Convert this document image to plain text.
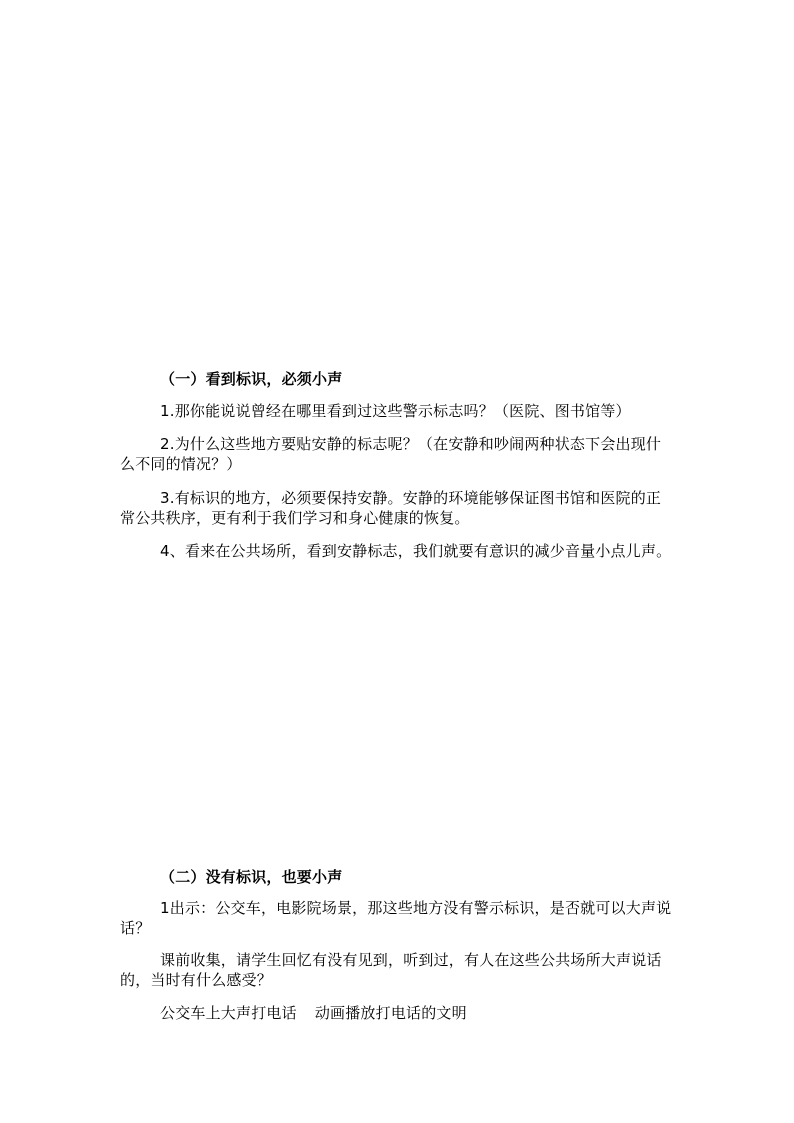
（一）看到标识，必须小声

1.那你能说说曾经在哪里看到过这些警示标志吗？（医院、图书馆等）

2.为什么这些地方要贴安静的标志呢？（在安静和吵闹两种状态下会出现什么不同的情况？）

3.有标识的地方，必须要保持安静。安静的环境能够保证图书馆和医院的正常公共秩序，更有利于我们学习和身心健康的恢复。

4、看来在公共场所，看到安静标志，我们就要有意识的减少音量小点儿声。

（二）没有标识，也要小声

1出示：公交车，电影院场景，那这些地方没有警示标识，是否就可以大声说话？

课前收集，请学生回忆有没有见到，听到过，有人在这些公共场所大声说话的，当时有什么感受？

公交车上大声打电话 动画播放打电话的文明
